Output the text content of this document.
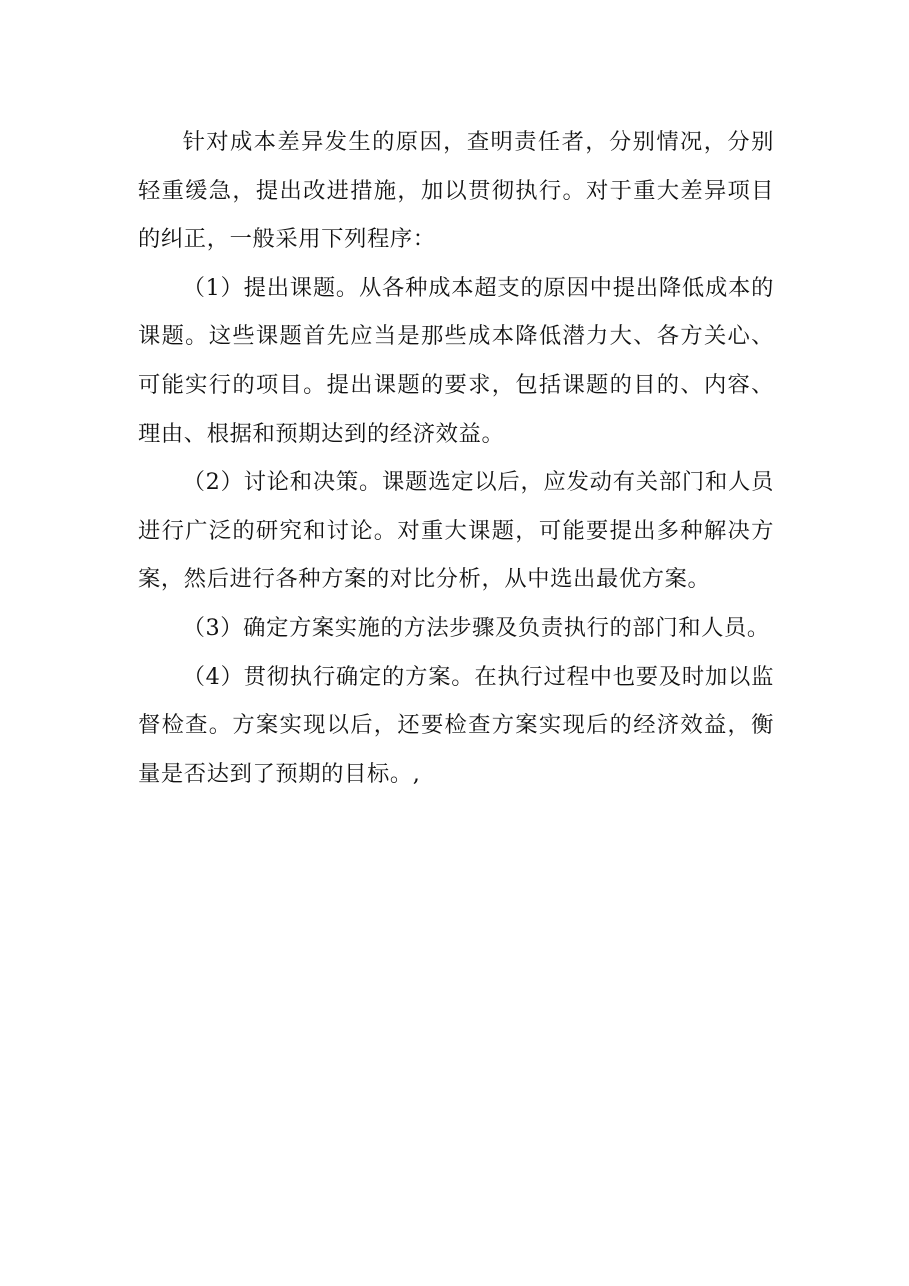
针对成本差异发生的原因，查明责任者，分别情况，分别轻重缓急，提出改进措施，加以贯彻执行。对于重大差异项目的纠正，一般采用下列程序：

（1）提出课题。从各种成本超支的原因中提出降低成本的课题。这些课题首先应当是那些成本降低潜力大、各方关心、可能实行的项目。提出课题的要求，包括课题的目的、内容、理由、根据和预期达到的经济效益。

（2）讨论和决策。课题选定以后，应发动有关部门和人员进行广泛的研究和讨论。对重大课题，可能要提出多种解决方案，然后进行各种方案的对比分析，从中选出最优方案。

（3）确定方案实施的方法步骤及负责执行的部门和人员。

（4）贯彻执行确定的方案。在执行过程中也要及时加以监督检查。方案实现以后，还要检查方案实现后的经济效益，衡量是否达到了预期的目标。,
